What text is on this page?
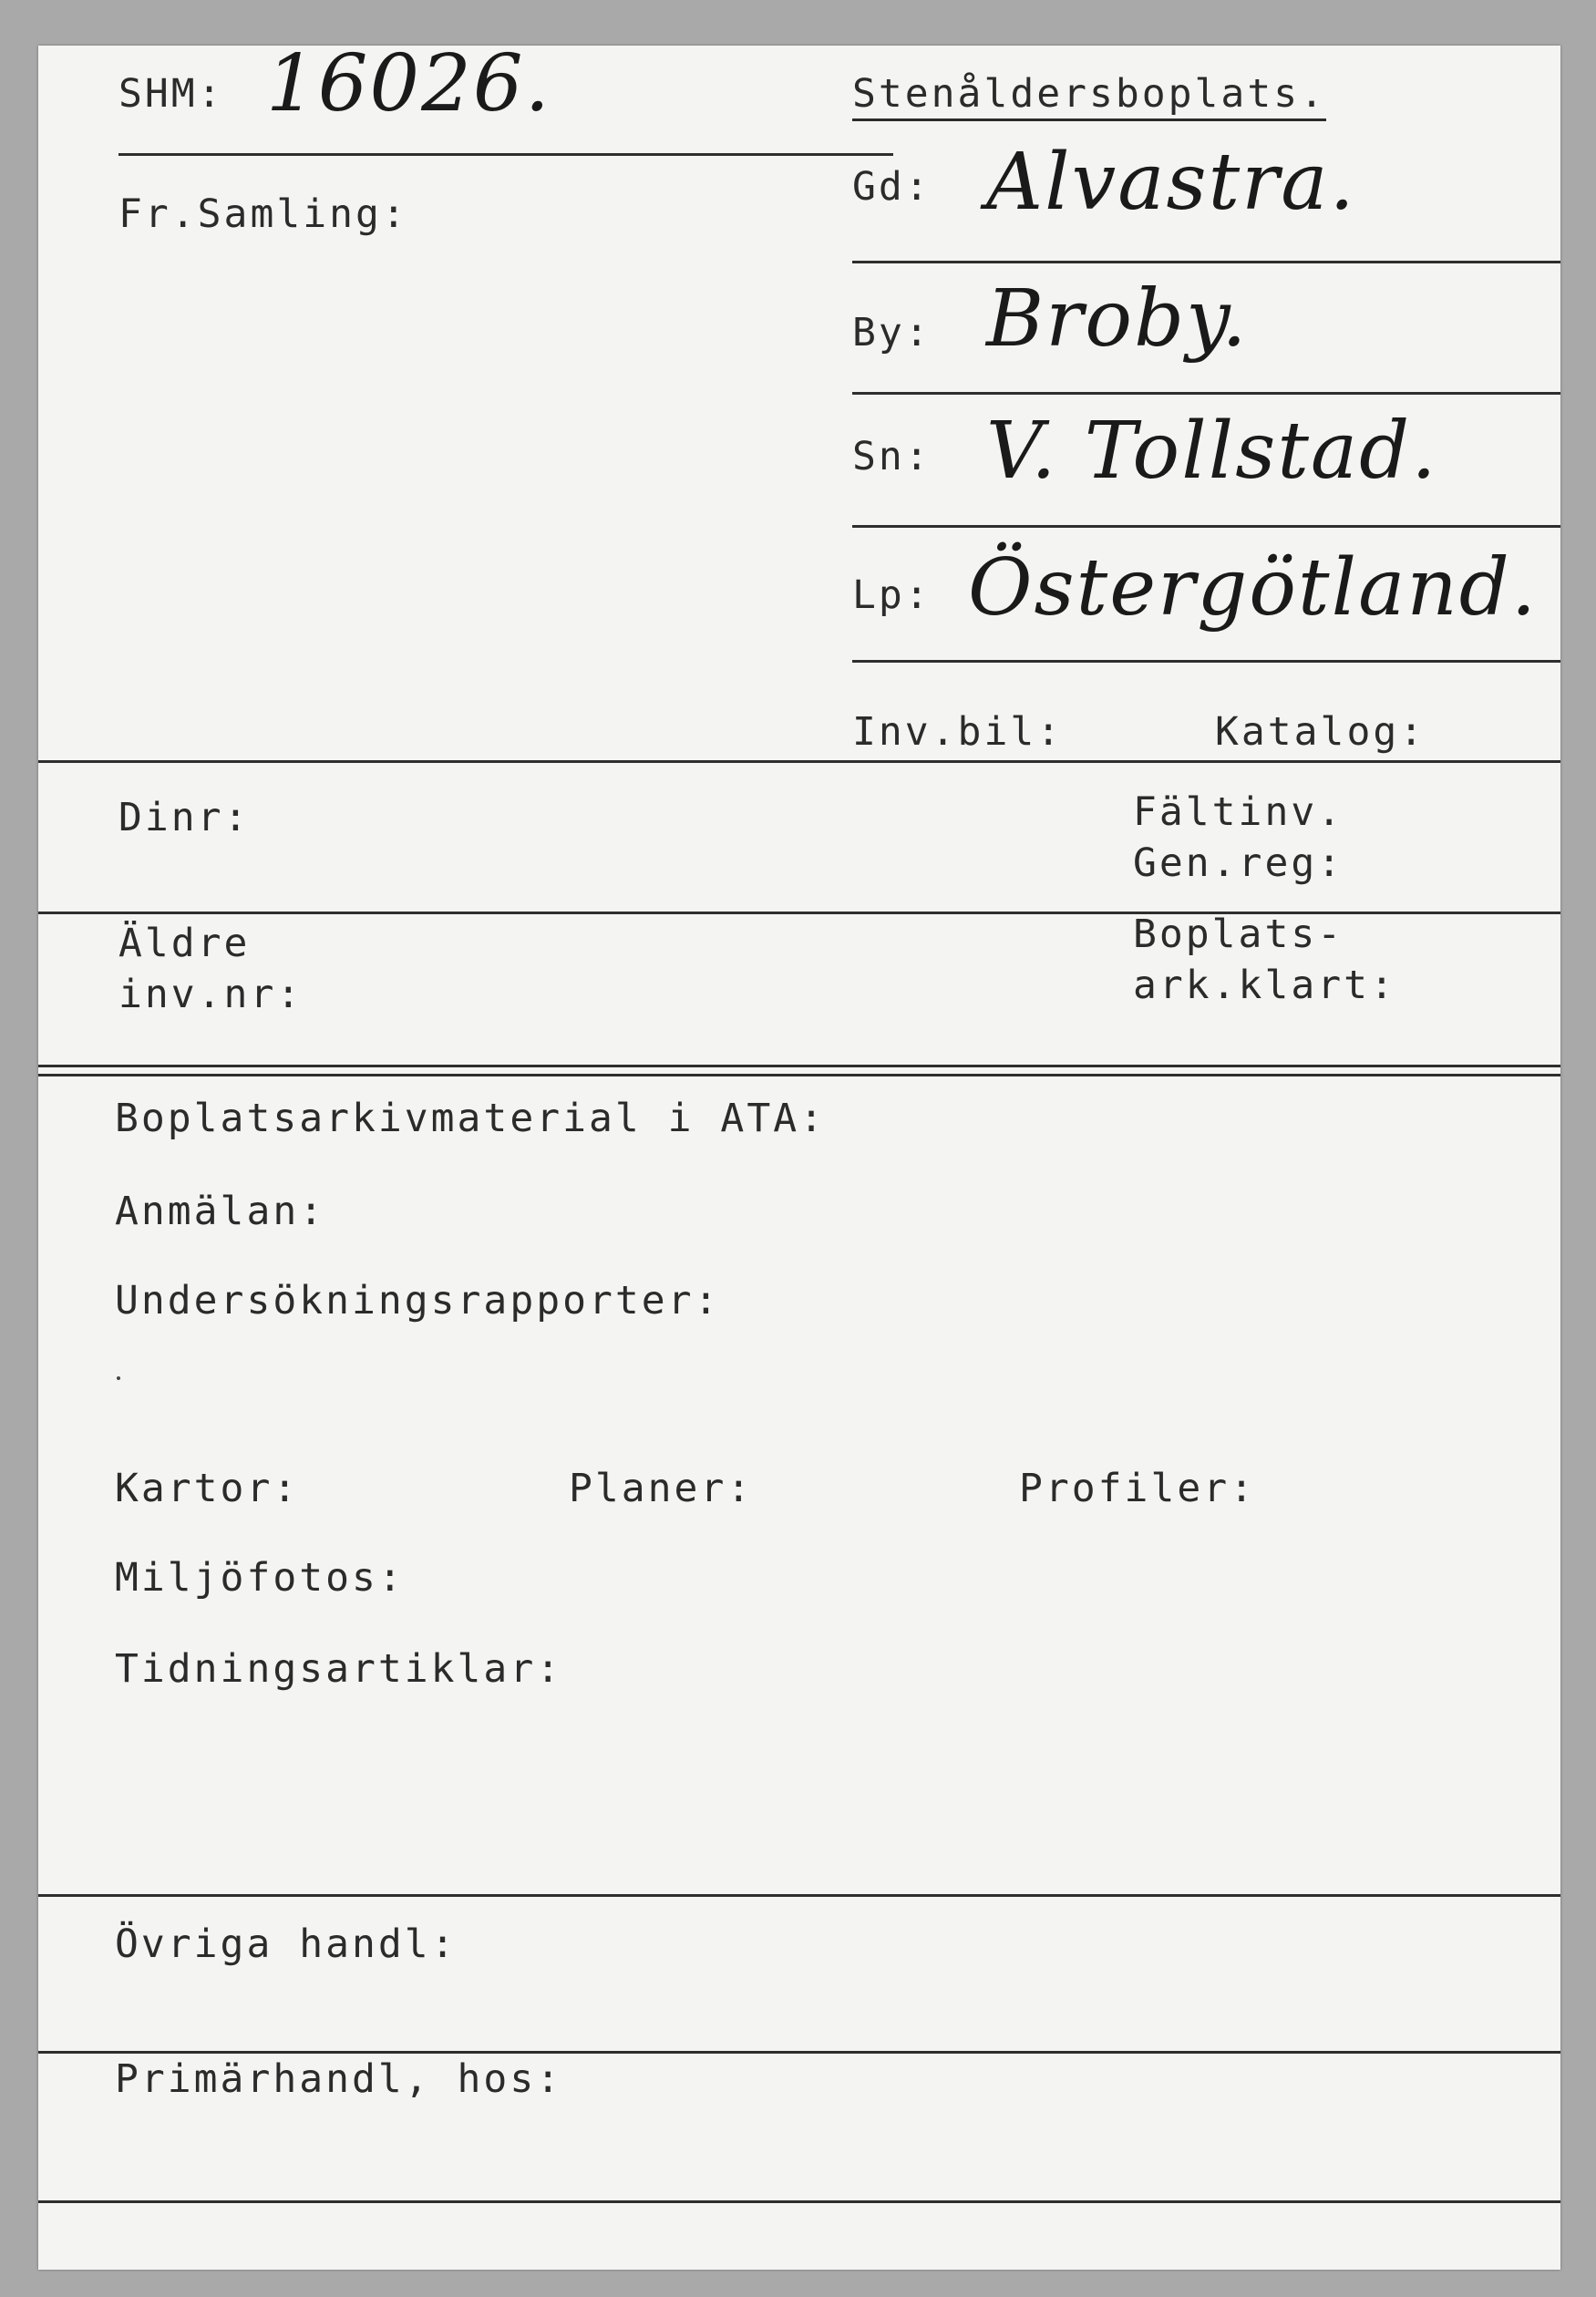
SHM: 16026.	Stenåldersboplats.
Fr.Samling:
Gd: Alvastra.
By: Broby.
Sn: V. Tollstad.
Lp: Östergötland.
Inv.bil:	Katalog:
Dinr:	Fältinv.
Gen.reg:
Äldre
inv.nr:
Boplats-
ark.klart:
Boplatsarkivmaterial i ATA:
Anmälan:
Undersökningsrapporter:
Kartor:	Planer:	Profiler:
Miljöfotos:
Tidningsartiklar:
Övriga handl:
Primärhandl, hos:
